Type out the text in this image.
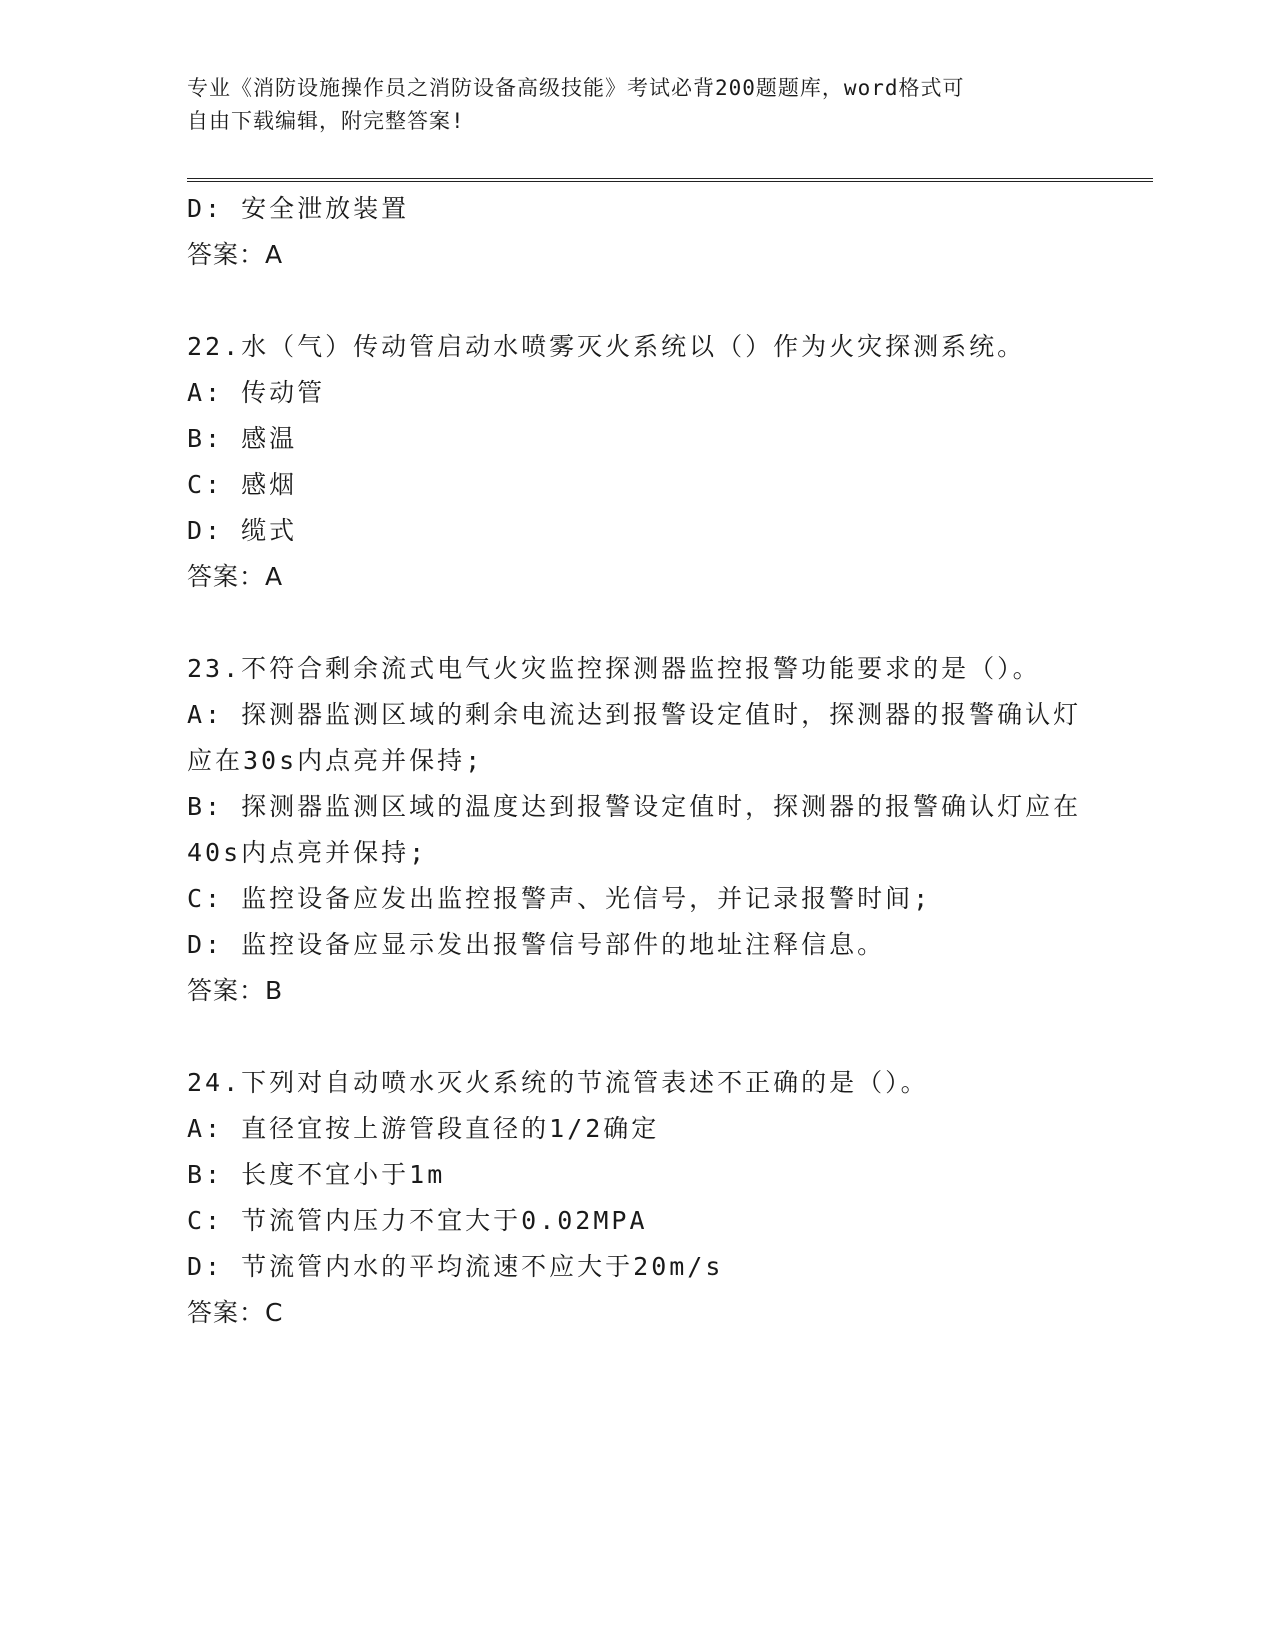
专业《消防设施操作员之消防设备高级技能》考试必背200题题库，word格式可
自由下载编辑，附完整答案!
D: 安全泄放装置
答案：A
22.水（气）传动管启动水喷雾灭火系统以（）作为火灾探测系统。
A: 传动管
B: 感温
C: 感烟
D: 缆式
答案：A
23.不符合剩余流式电气火灾监控探测器监控报警功能要求的是（）。
A: 探测器监测区域的剩余电流达到报警设定值时，探测器的报警确认灯应在30s内点亮并保持;
B: 探测器监测区域的温度达到报警设定值时，探测器的报警确认灯应在40s内点亮并保持;
C: 监控设备应发出监控报警声、光信号，并记录报警时间;
D: 监控设备应显示发出报警信号部件的地址注释信息。
答案：B
24.下列对自动喷水灭火系统的节流管表述不正确的是（）。
A: 直径宜按上游管段直径的1/2确定
B: 长度不宜小于1m
C: 节流管内压力不宜大于0.02MPA
D: 节流管内水的平均流速不应大于20m/s
答案：C
